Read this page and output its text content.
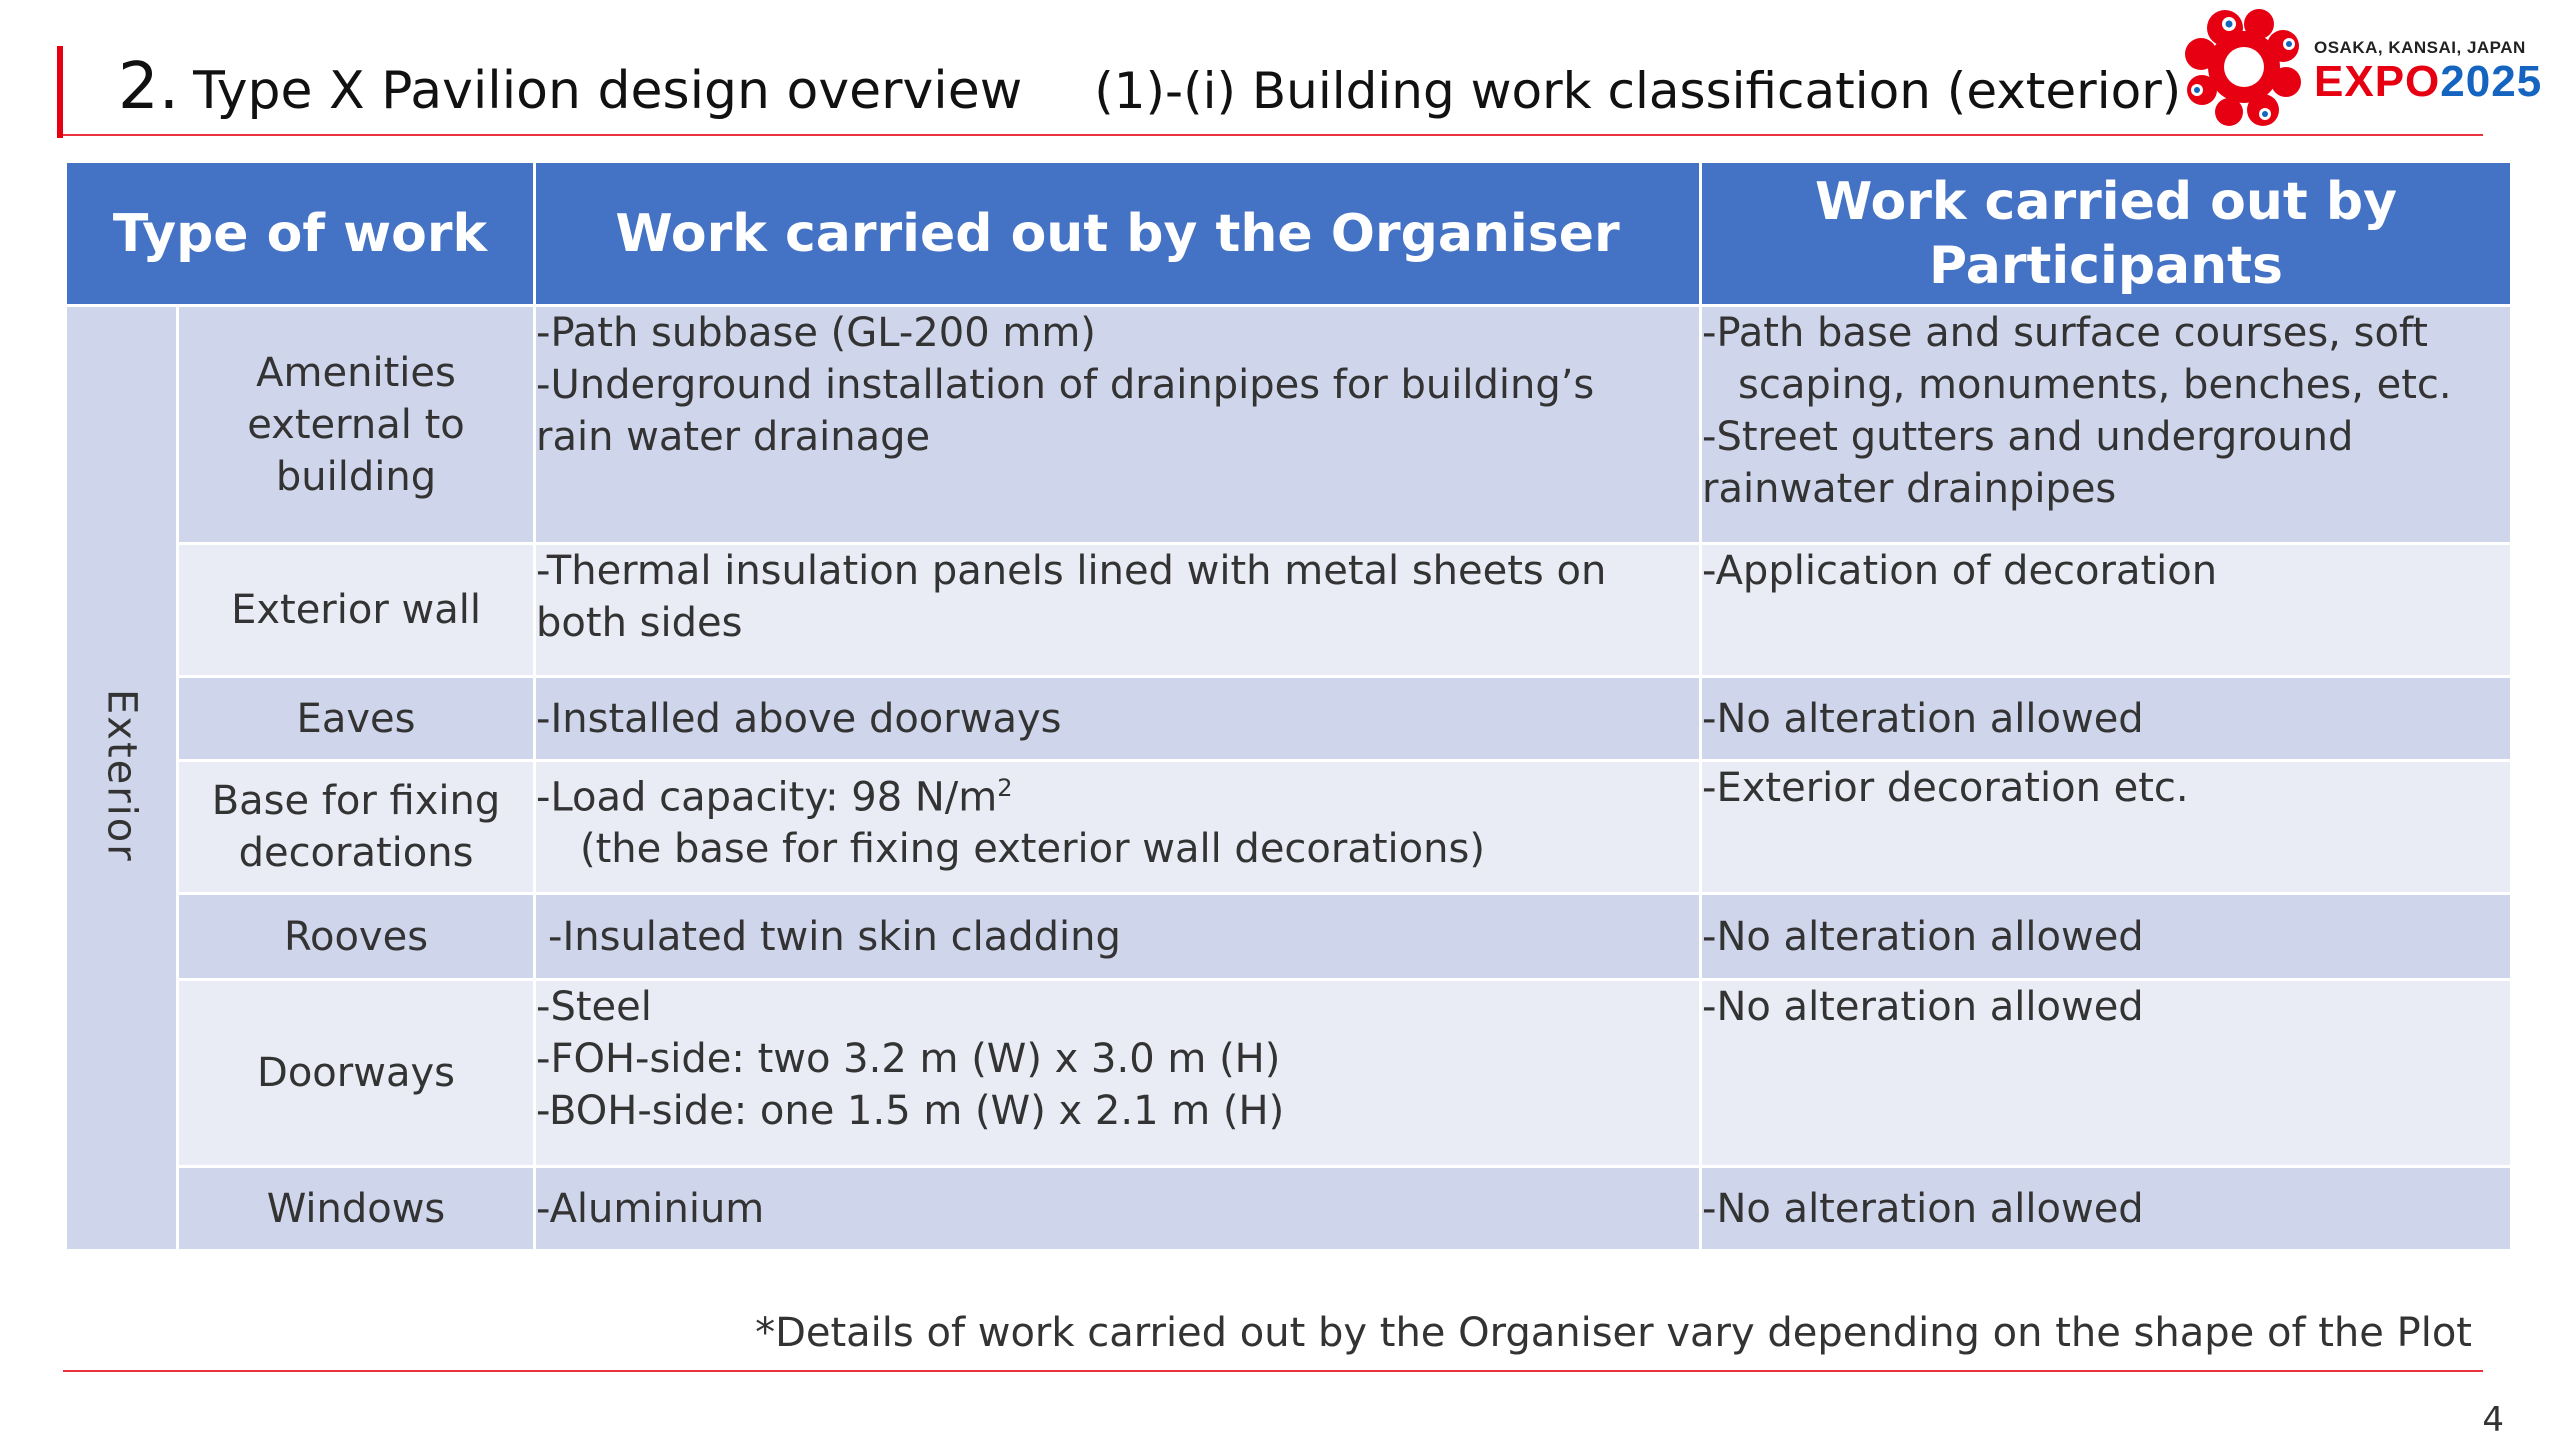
2. Type X Pavilion design overview (1)-(i) Building work classification (exterior)
OSAKA, KANSAI, JAPAN
EXPO2025
Type of work		Work carried out by the Organiser	Work carried out by
Participants

Exterior	Amenities
external to
building	-Path subbase (GL-200 mm)
-Underground installation of drainpipes for building’s
rain water drainage	-Path base and surface courses, soft
scaping, monuments, benches, etc.
-Street gutters and underground
rainwater drainpipes

	Exterior wall	-Thermal insulation panels lined with metal sheets on
both sides	-Application of decoration

	Eaves	-Installed above doorways	-No alteration allowed

	Base for fixing
decorations	-Load capacity: 98 $N/m^2$
(the base for fixing exterior wall decorations)	-Exterior decoration etc.

	Rooves	-Insulated twin skin cladding	-No alteration allowed

	Doorways	-Steel
-FOH-side: two 3.2 m (W) x 3.0 m (H)
-BOH-side: one 1.5 m (W) x 2.1 m (H)	-No alteration allowed

	Windows	-Aluminium	-No alteration allowed
*Details of work carried out by the Organiser vary depending on the shape of the Plot
4
